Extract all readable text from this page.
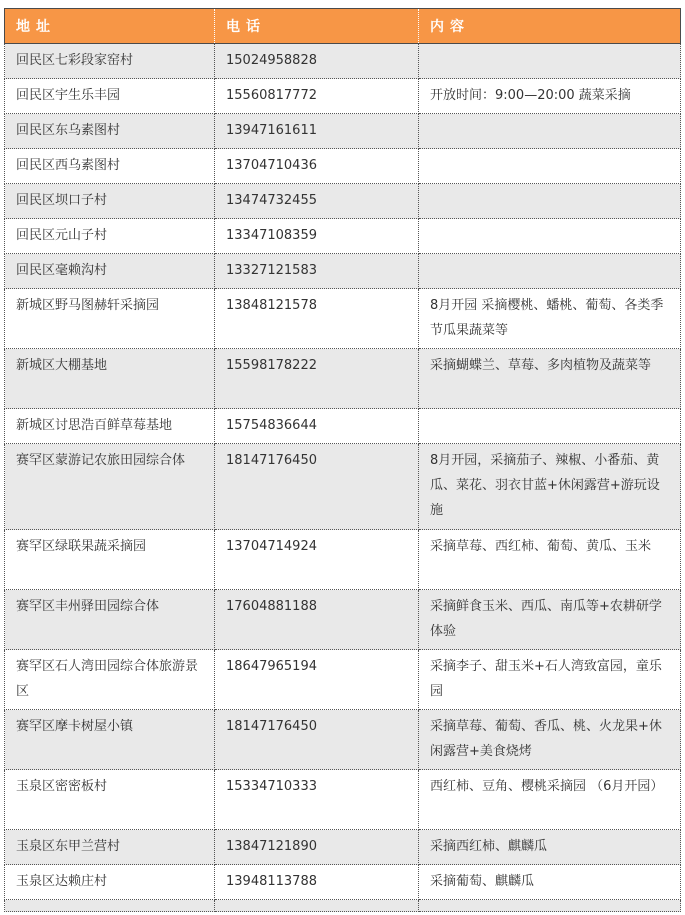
地址	电话	内容
回民区七彩段家窑村	15024958828	
回民区宇生乐丰园	15560817772	开放时间：9:00—20:00 蔬菜采摘
回民区东乌素图村	13947161611	
回民区西乌素图村	13704710436	
回民区坝口子村	13474732455	
回民区元山子村	13347108359	
回民区毫赖沟村	13327121583	
新城区野马图赫轩采摘园	13848121578	8月开园 采摘樱桃、蟠桃、葡萄、各类季节瓜果蔬菜等
新城区大棚基地	15598178222	采摘蝴蝶兰、草莓、多肉植物及蔬菜等
新城区讨思浩百鲜草莓基地	15754836644	
赛罕区蒙游记农旅田园综合体	18147176450	8月开园，采摘茄子、辣椒、小番茄、黄瓜、菜花、羽衣甘蓝+休闲露营+游玩设施
赛罕区绿联果蔬采摘园	13704714924	采摘草莓、西红柿、葡萄、黄瓜、玉米
赛罕区丰州驿田园综合体	17604881188	采摘鲜食玉米、西瓜、南瓜等+农耕研学体验
赛罕区石人湾田园综合体旅游景区	18647965194	采摘李子、甜玉米+石人湾致富园，童乐园
赛罕区摩卡树屋小镇	18147176450	采摘草莓、葡萄、香瓜、桃、火龙果+休闲露营+美食烧烤
玉泉区密密板村	15334710333	西红柿、豆角、樱桃采摘园 （6月开园）
玉泉区东甲兰营村	13847121890	采摘西红柿、麒麟瓜
玉泉区达赖庄村	13948113788	采摘葡萄、麒麟瓜
